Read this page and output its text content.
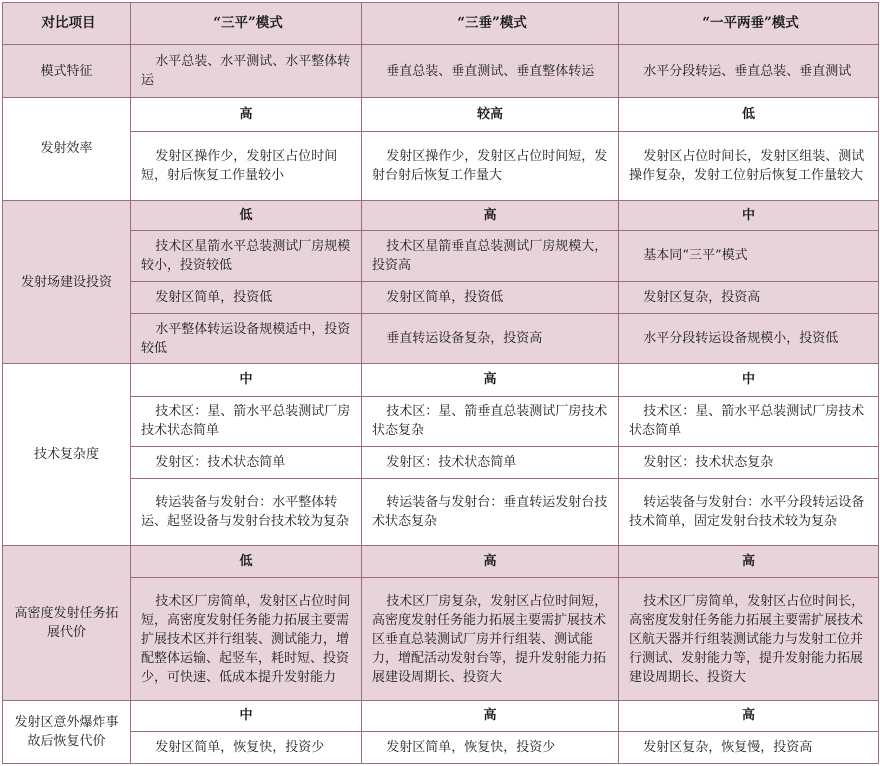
对比项目	“三平”模式	“三垂”模式	“一平两垂”模式
模式特征	水平总装、水平测试、水平整体转运	垂直总装、垂直测试、垂直整体转运	水平分段转运、垂直总装、垂直测试
发射效率	高	较高	低
	发射区操作少，发射区占位时间短，射后恢复工作量较小	发射区操作少，发射区占位时间短，发射台射后恢复工作量大	发射区占位时间长，发射区组装、测试操作复杂，发射工位射后恢复工作量较大
发射场建设投资	低	高	中
	技术区星箭水平总装测试厂房规模较小，投资较低	技术区星箭垂直总装测试厂房规模大，投资高	基本同“三平”模式
	发射区简单，投资低	发射区简单，投资低	发射区复杂，投资高
	水平整体转运设备规模适中，投资较低	垂直转运设备复杂，投资高	水平分段转运设备规模小，投资低
技术复杂度	中	高	中
	技术区：星、箭水平总装测试厂房技术状态简单	技术区：星、箭垂直总装测试厂房技术状态复杂	技术区：星、箭水平总装测试厂房技术状态简单
	发射区：技术状态简单	发射区：技术状态简单	发射区：技术状态复杂
	转运装备与发射台：水平整体转运、起竖设备与发射台技术较为复杂	转运装备与发射台：垂直转运发射台技术状态复杂	转运装备与发射台：水平分段转运设备技术简单，固定发射台技术较为复杂
高密度发射任务拓展代价	低	高	高
	技术区厂房简单，发射区占位时间短，高密度发射任务能力拓展主要需扩展技术区并行组装、测试能力，增配整体运输、起竖车，耗时短、投资少，可快速、低成本提升发射能力	技术区厂房复杂，发射区占位时间短，高密度发射任务能力拓展主要需扩展技术区垂直总装测试厂房并行组装、测试能力，增配活动发射台等，提升发射能力拓展建设周期长、投资大	技术区厂房简单，发射区占位时间长，高密度发射任务能力拓展主要需扩展技术区航天器并行组装测试能力与发射工位并行测试、发射能力等，提升发射能力拓展建设周期长、投资大
发射区意外爆炸事故后恢复代价	中	高	高
	发射区简单，恢复快，投资少	发射区简单，恢复快，投资少	发射区复杂，恢复慢，投资高
